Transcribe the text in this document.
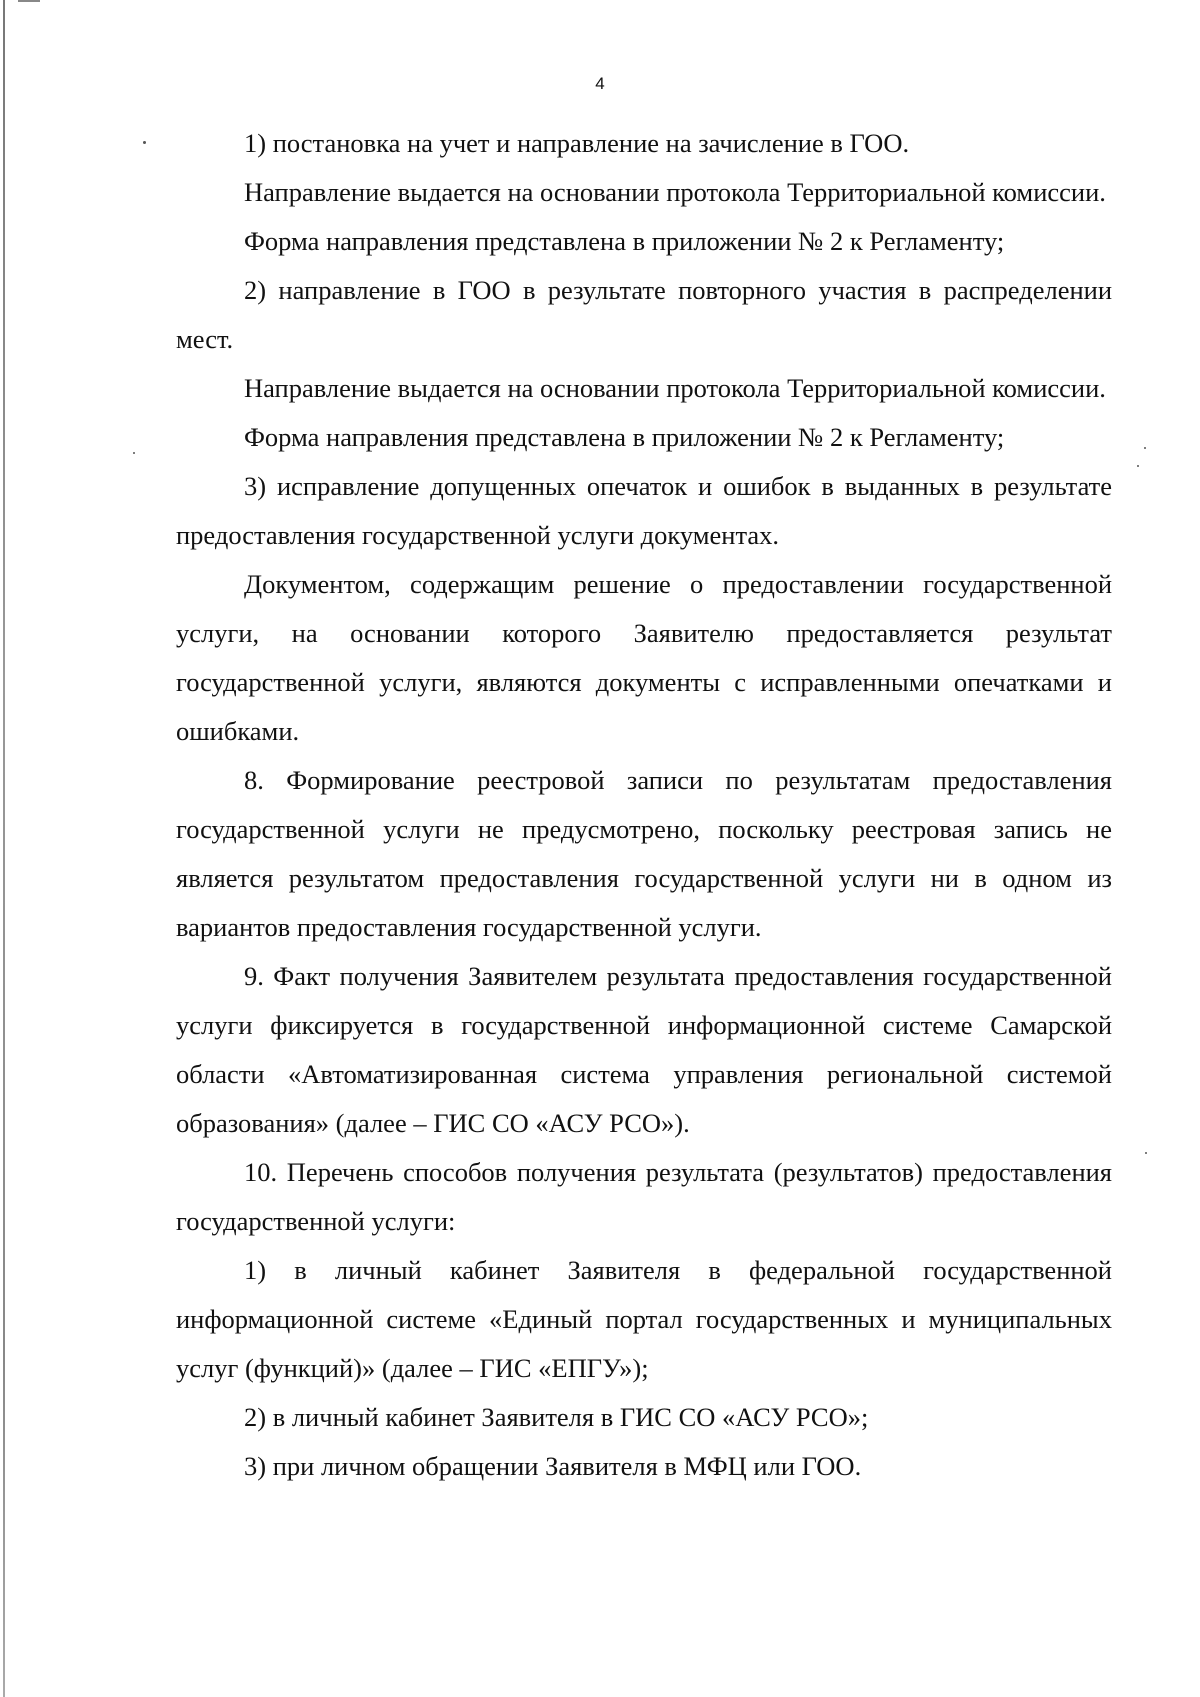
4

1) постановка на учет и направление на зачисление в ГОО.

Направление выдается на основании протокола Территориальной комиссии.

Форма направления представлена в приложении № 2 к Регламенту;

2) направление в ГОО в результате повторного участия в распределении мест.

Направление выдается на основании протокола Территориальной комиссии.

Форма направления представлена в приложении № 2 к Регламенту;

3) исправление допущенных опечаток и ошибок в выданных в результате предоставления государственной услуги документах.

Документом, содержащим решение о предоставлении государственной услуги, на основании которого Заявителю предоставляется результат государственной услуги, являются документы с исправленными опечатками и ошибками.

8. Формирование реестровой записи по результатам предоставления государственной услуги не предусмотрено, поскольку реестровая запись не является результатом предоставления государственной услуги ни в одном из вариантов предоставления государственной услуги.

9. Факт получения Заявителем результата предоставления государственной услуги фиксируется в государственной информационной системе Самарской области «Автоматизированная система управления региональной системой образования» (далее – ГИС СО «АСУ РСО»).

10. Перечень способов получения результата (результатов) предоставления государственной услуги:

1) в личный кабинет Заявителя в федеральной государственной информационной системе «Единый портал государственных и муниципальных услуг (функций)» (далее – ГИС «ЕПГУ»);

2) в личный кабинет Заявителя в ГИС СО «АСУ РСО»;

3) при личном обращении Заявителя в МФЦ или ГОО.
